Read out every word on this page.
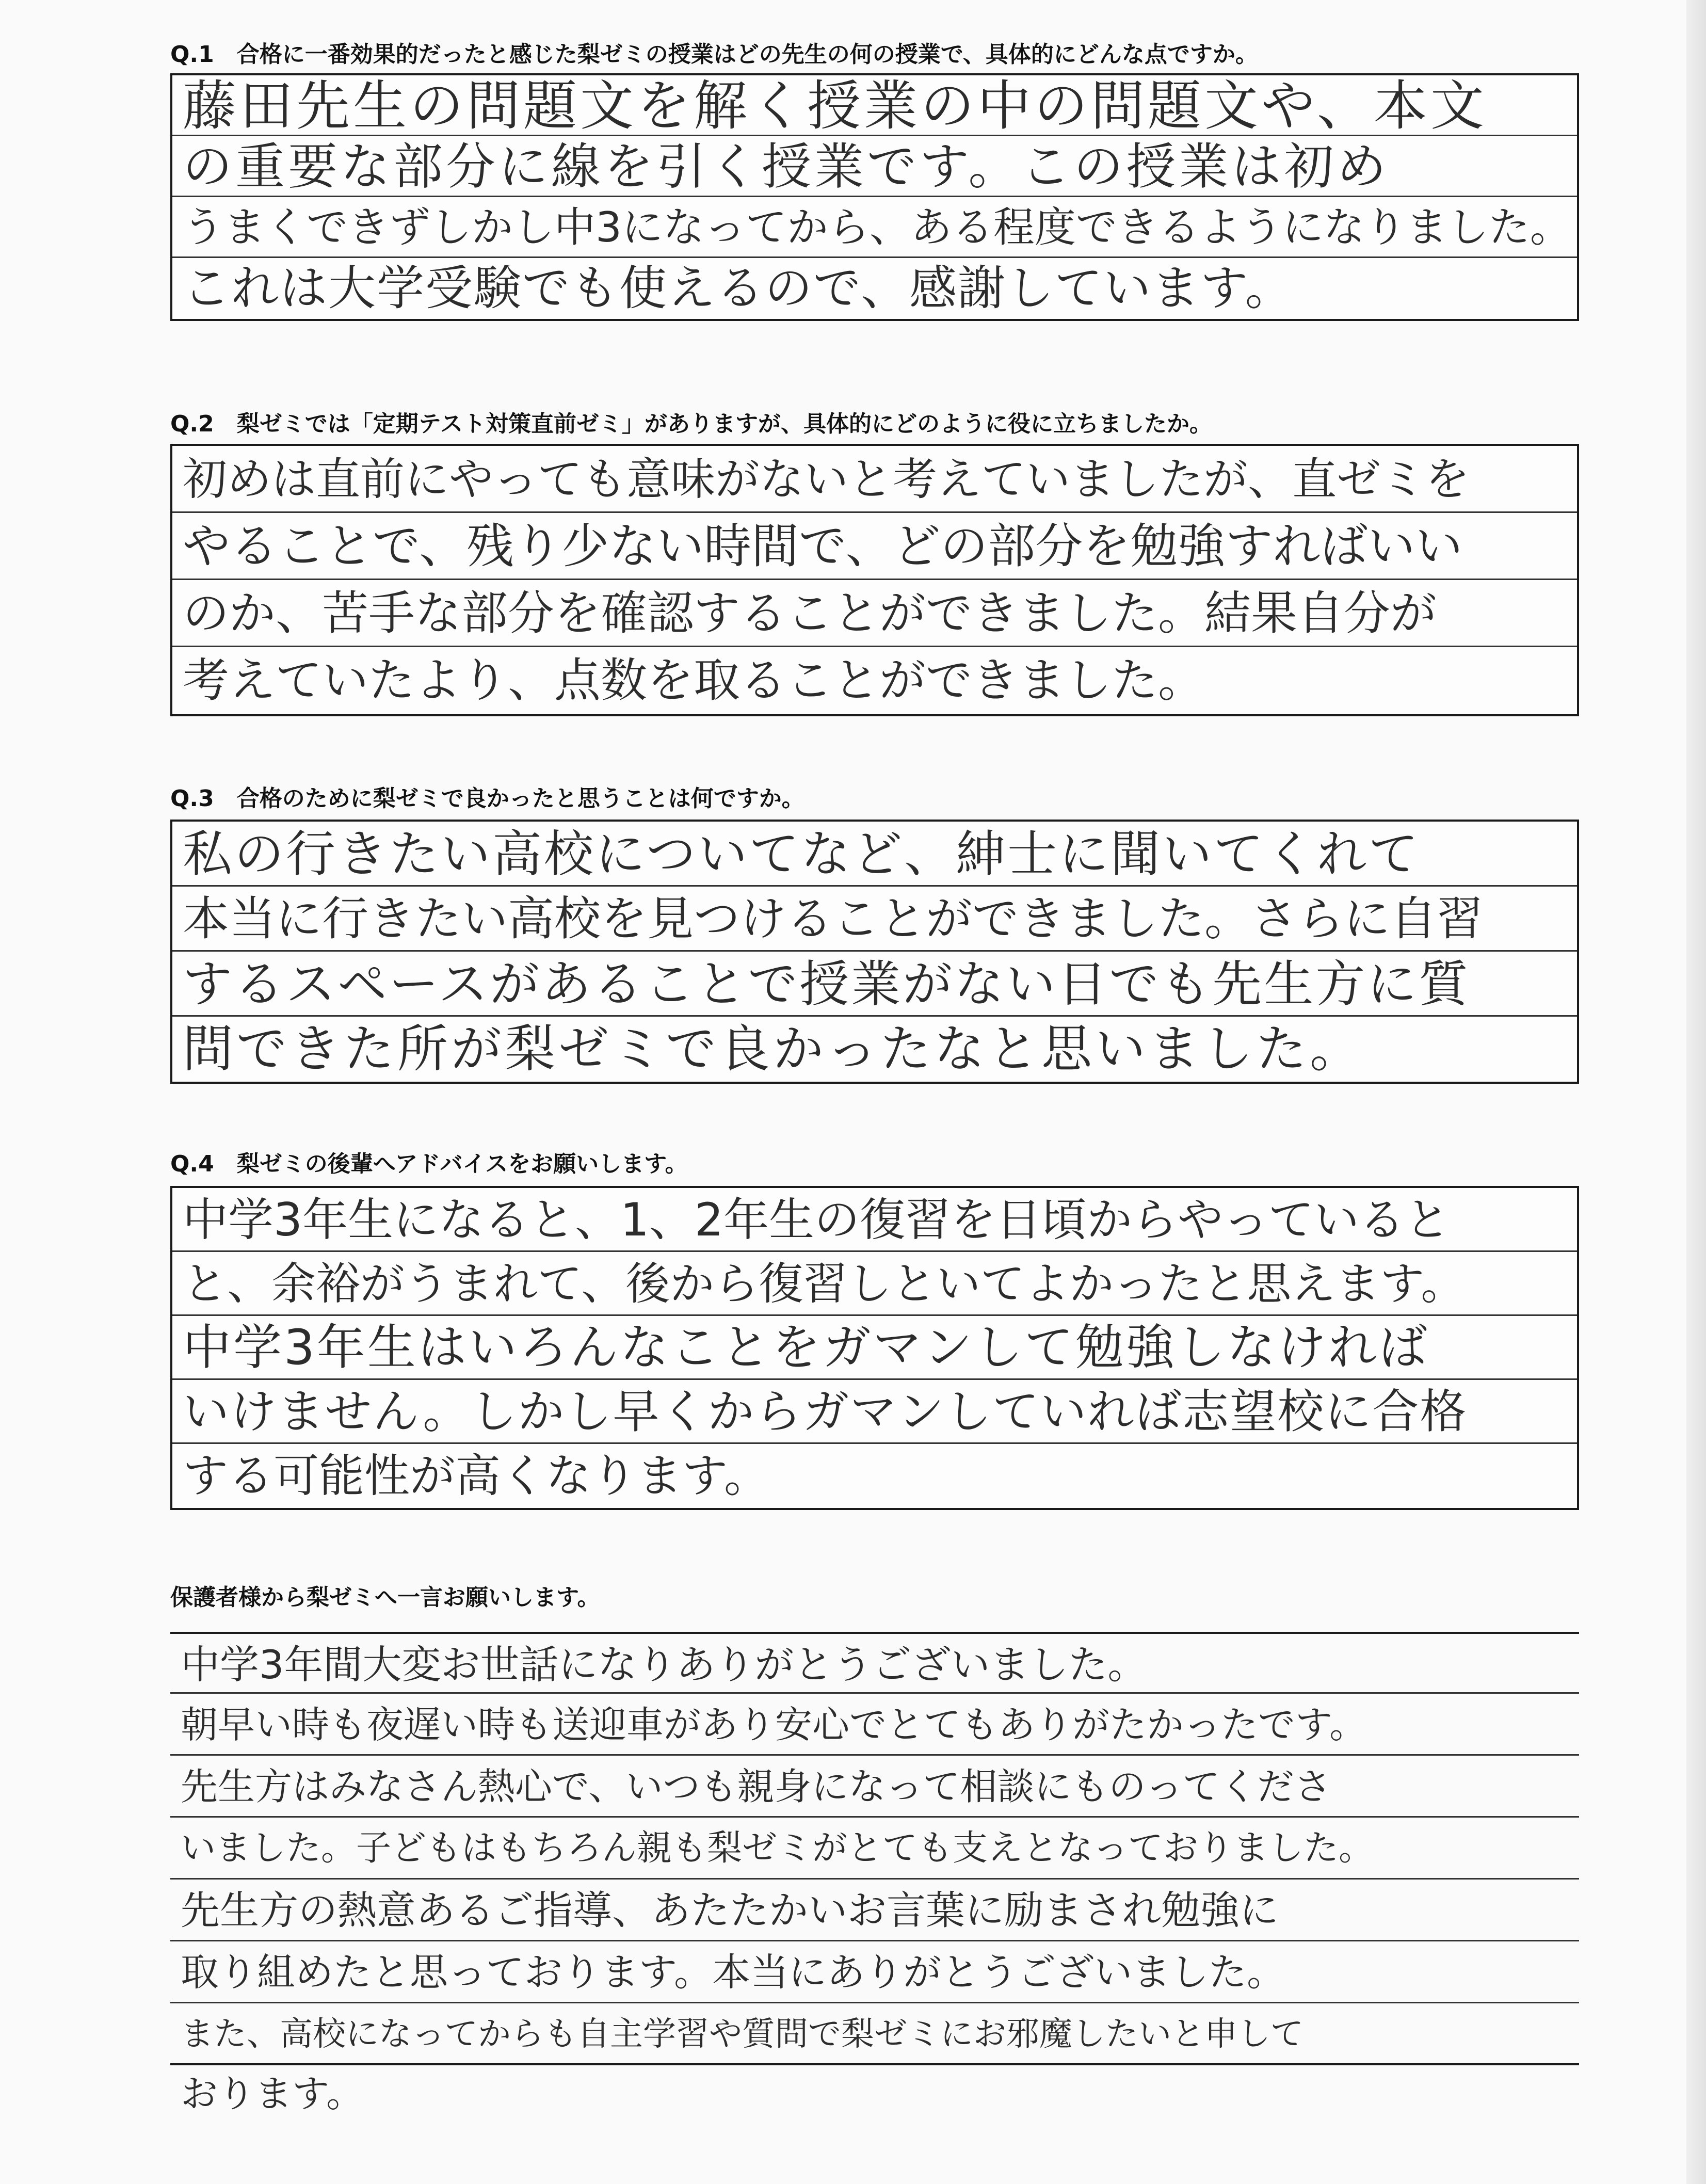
Q.1　合格に一番効果的だったと感じた梨ゼミの授業はどの先生の何の授業で、具体的にどんな点ですか。
藤田先生の問題文を解く授業の中の問題文や、本文
の重要な部分に線を引く授業です。この授業は初め
うまくできずしかし中3になってから、ある程度できるようになりました。
これは大学受験でも使えるので、感謝しています。
Q.2　梨ゼミでは「定期テスト対策直前ゼミ」がありますが、具体的にどのように役に立ちましたか。
初めは直前にやっても意味がないと考えていましたが、直ゼミを
やることで、残り少ない時間で、どの部分を勉強すればいい
のか、苦手な部分を確認することができました。結果自分が
考えていたより、点数を取ることができました。
Q.3　合格のために梨ゼミで良かったと思うことは何ですか。
私の行きたい高校についてなど、紳士に聞いてくれて
本当に行きたい高校を見つけることができました。さらに自習
するスペースがあることで授業がない日でも先生方に質
問できた所が梨ゼミで良かったなと思いました。
Q.4　梨ゼミの後輩へアドバイスをお願いします。
中学3年生になると、1、2年生の復習を日頃からやっていると
と、余裕がうまれて、後から復習しといてよかったと思えます。
中学3年生はいろんなことをガマンして勉強しなければ
いけません。しかし早くからガマンしていれば志望校に合格
する可能性が高くなります。
保護者様から梨ゼミへ一言お願いします。
中学3年間大変お世話になりありがとうございました。
朝早い時も夜遅い時も送迎車があり安心でとてもありがたかったです。
先生方はみなさん熱心で、いつも親身になって相談にものってくださ
いました。子どもはもちろん親も梨ゼミがとても支えとなっておりました。
先生方の熱意あるご指導、あたたかいお言葉に励まされ勉強に
取り組めたと思っております。本当にありがとうございました。
また、高校になってからも自主学習や質問で梨ゼミにお邪魔したいと申して
おります。
